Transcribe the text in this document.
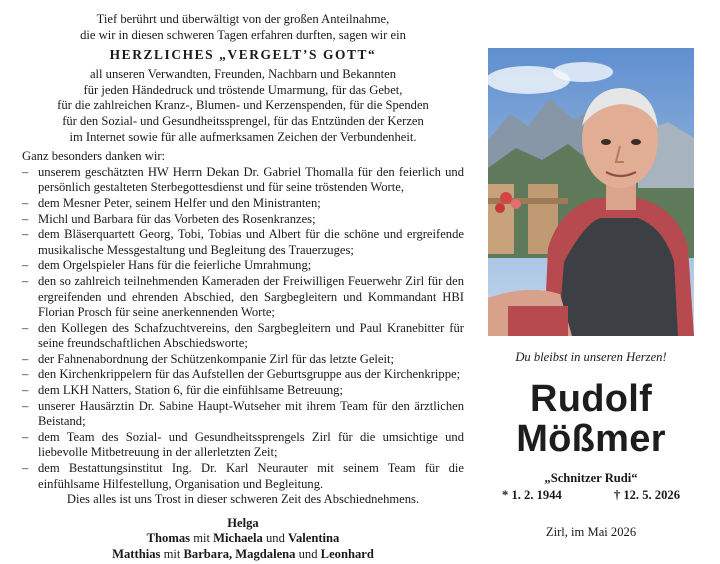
Tief berührt und überwältigt von der großen Anteilnahme,
die wir in diesen schweren Tagen erfahren durften, sagen wir ein
HERZLICHES „VERGELT’S GOTT“
all unseren Verwandten, Freunden, Nachbarn und Bekannten
für jeden Händedruck und tröstende Umarmung, für das Gebet,
für die zahlreichen Kranz-, Blumen- und Kerzenspenden, für die Spenden
für den Sozial- und Gesundheitssprengel, für das Entzünden der Kerzen
im Internet sowie für alle aufmerksamen Zeichen der Verbundenheit.
Ganz besonders danken wir:
– unserem geschätzten HW Herrn Dekan Dr. Gabriel Thomalla für den feierlich und persönlich gestalteten Sterbegottesdienst und für seine tröstenden Worte,
– dem Mesner Peter, seinem Helfer und den Ministranten;
– Michl und Barbara für das Vorbeten des Rosenkranzes;
– dem Bläserquartett Georg, Tobi, Tobias und Albert für die schöne und ergreifende musikalische Messgestaltung und Begleitung des Trauerzuges;
– dem Orgelspieler Hans für die feierliche Umrahmung;
– den so zahlreich teilnehmenden Kameraden der Freiwilligen Feuerwehr Zirl für den ergreifenden und ehrenden Abschied, den Sargbegleitern und Kommandant HBI Florian Prosch für seine anerkennenden Worte;
– den Kollegen des Schafzuchtvereins, den Sargbegleitern und Paul Kranebitter für seine freundschaftlichen Abschiedsworte;
– der Fahnenabordnung der Schützenkompanie Zirl für das letzte Geleit;
– den Kirchenkrippelern für das Aufstellen der Geburtsgruppe aus der Kirchenkrippe;
– dem LKH Natters, Station 6, für die einfühlsame Betreuung;
– unserer Hausärztin Dr. Sabine Haupt-Wutseher mit ihrem Team für den ärztlichen Beistand;
– dem Team des Sozial- und Gesundheitssprengels Zirl für die umsichtige und liebevolle Mitbetreuung in der allerletzten Zeit;
– dem Bestattungsinstitut Ing. Dr. Karl Neurauter mit seinem Team für die einfühlsame Hilfestellung, Organisation und Begleitung.
Dies alles ist uns Trost in dieser schweren Zeit des Abschiednehmens.
Helga
Thomas mit Michaela und Valentina
Matthias mit Barbara, Magdalena und Leonhard
Du bleibst in unseren Herzen!
Rudolf
Mößmer
„Schnitzer Rudi“
* 1. 2. 1944	† 12. 5. 2026
Zirl, im Mai 2026
